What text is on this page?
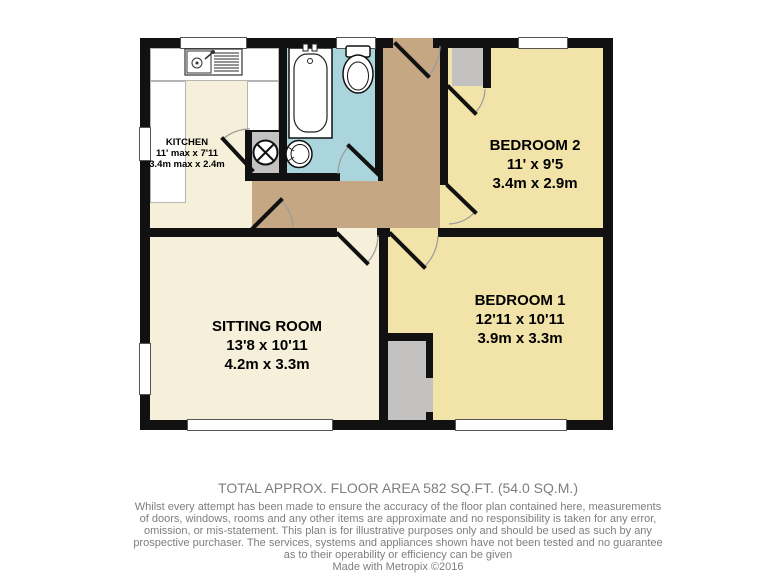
KITCHEN
11' max x 7'11
3.4m max x 2.4m
SITTING ROOM
13'8 x 10'11
4.2m x 3.3m
BEDROOM 2
11' x 9'5
3.4m x 2.9m
BEDROOM 1
12'11 x 10'11
3.9m x 3.3m
TOTAL APPROX. FLOOR AREA 582 SQ.FT. (54.0 SQ.M.)
Whilst every attempt has been made to ensure the accuracy of the floor plan contained here, measurements
of doors, windows, rooms and any other items are approximate and no responsibility is taken for any error,
omission, or mis-statement. This plan is for illustrative purposes only and should be used as such by any
prospective purchaser. The services, systems and appliances shown have not been tested and no guarantee
as to their operability or efficiency can be given
Made with Metropix ©2016
